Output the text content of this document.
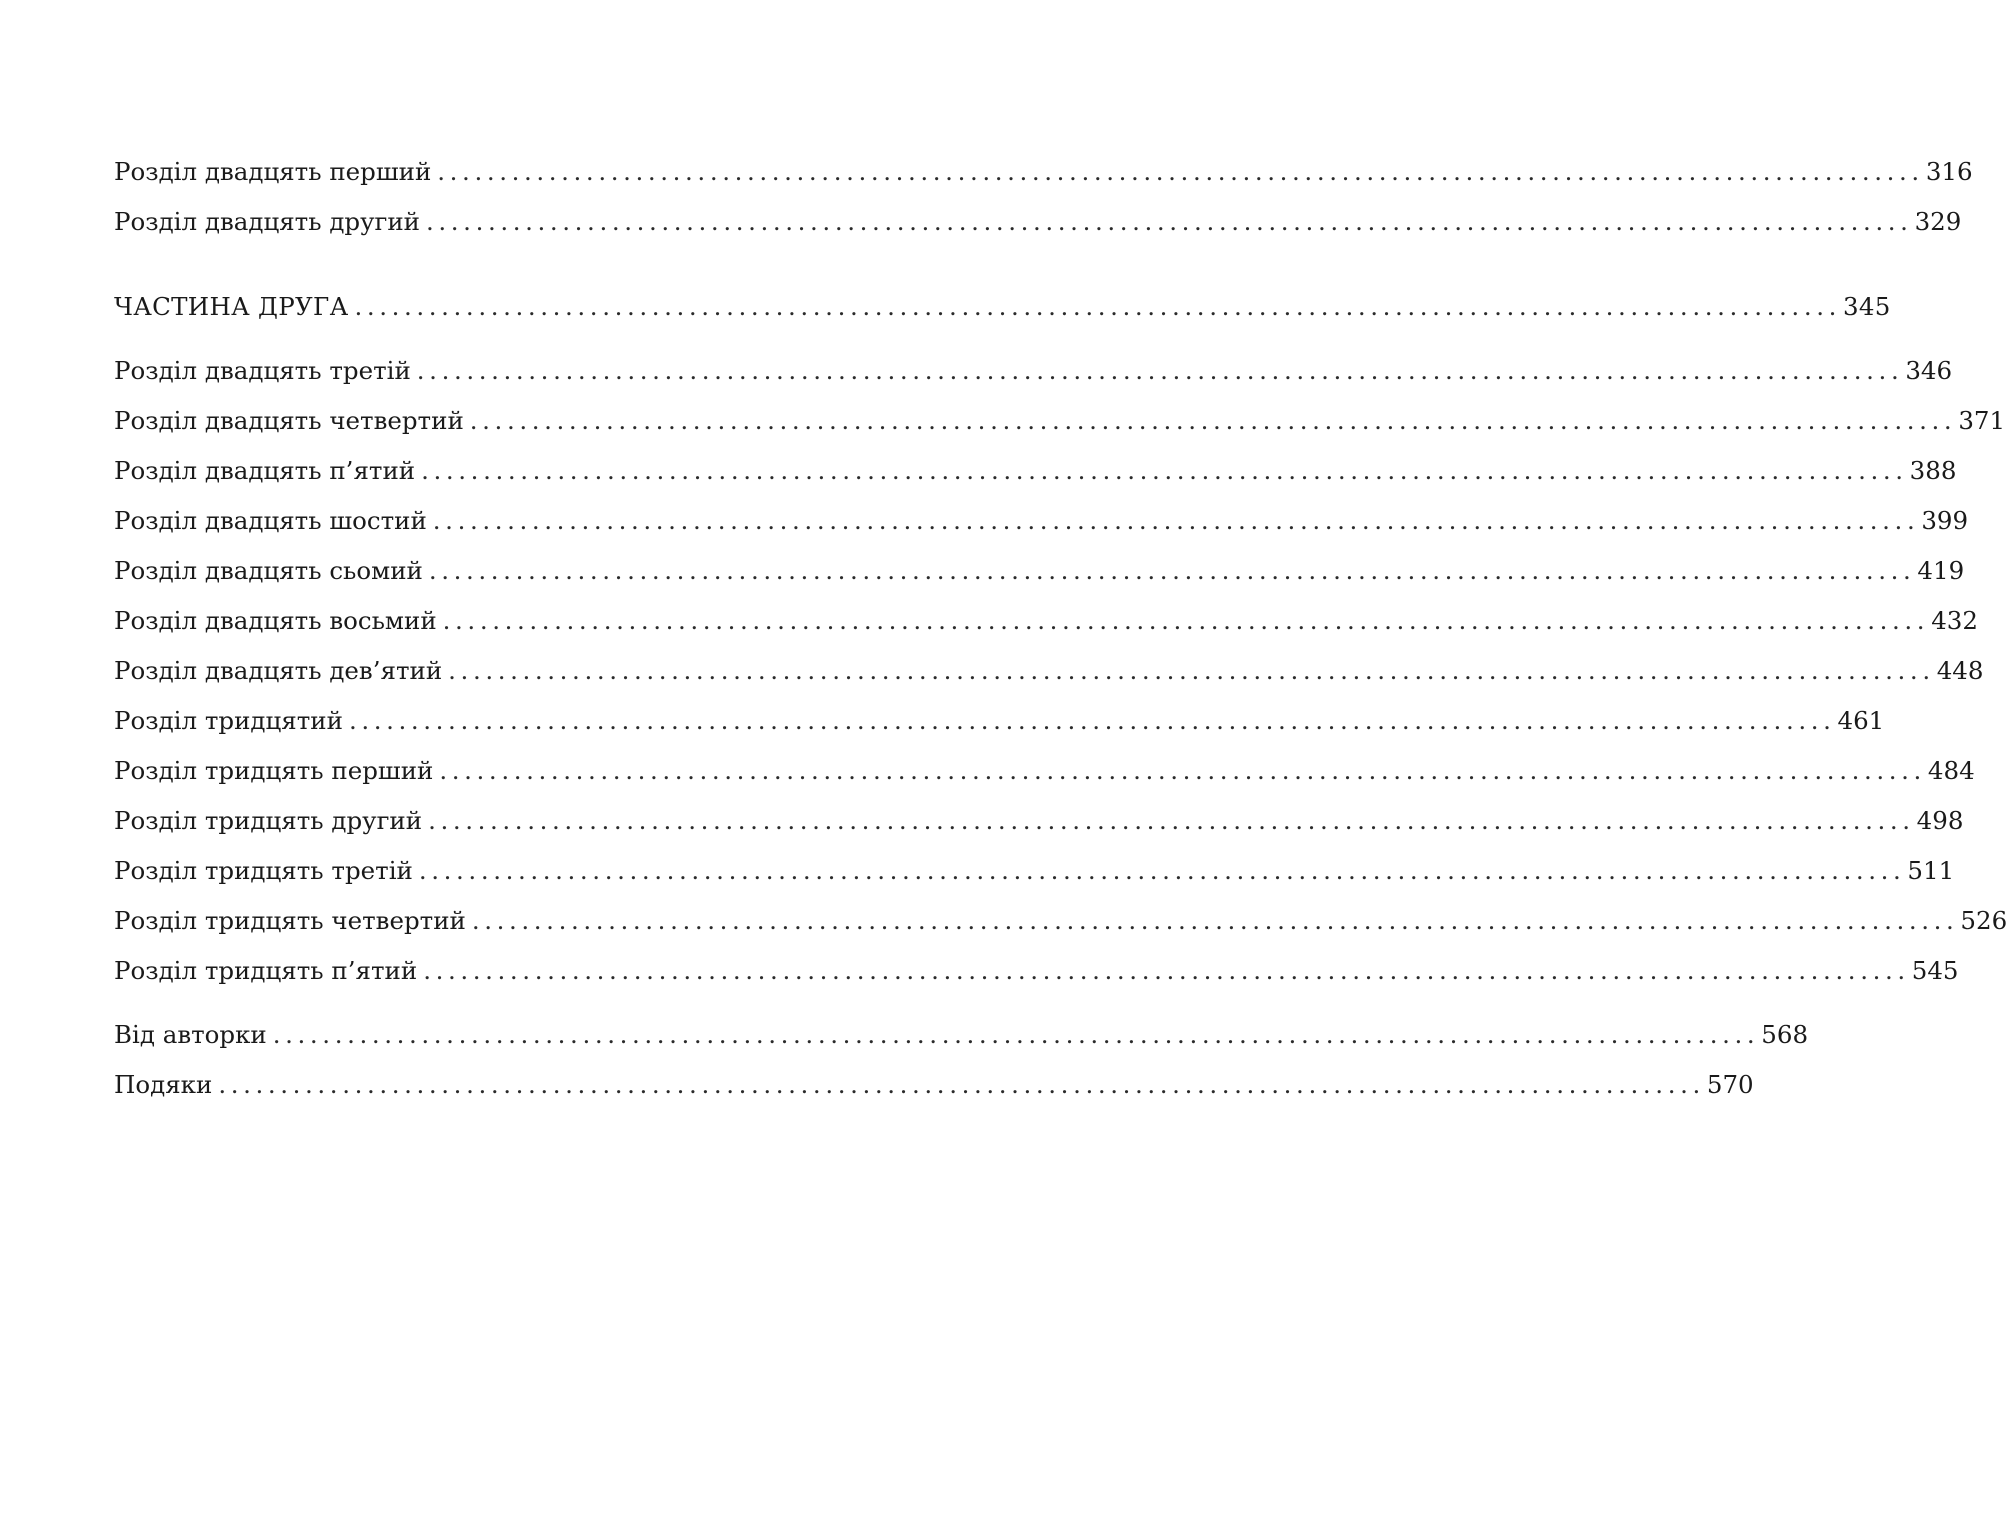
Розділ двадцять перший ........................................................................................................................ 316
Розділ двадцять другий ........................................................................................................................ 329
ЧАСТИНА ДРУГА ........................................................................................................................ 345
Розділ двадцять третій ........................................................................................................................ 346
Розділ двадцять четвертий ........................................................................................................................ 371
Розділ двадцять п’ятий ........................................................................................................................ 388
Розділ двадцять шостий ........................................................................................................................ 399
Розділ двадцять сьомий ........................................................................................................................ 419
Розділ двадцять восьмий ........................................................................................................................ 432
Розділ двадцять дев’ятий ........................................................................................................................ 448
Розділ тридцятий ........................................................................................................................ 461
Розділ тридцять перший ........................................................................................................................ 484
Розділ тридцять другий ........................................................................................................................ 498
Розділ тридцять третій ........................................................................................................................ 511
Розділ тридцять четвертий ........................................................................................................................ 526
Розділ тридцять п’ятий ........................................................................................................................ 545
Від авторки ........................................................................................................................ 568
Подяки ........................................................................................................................ 570
